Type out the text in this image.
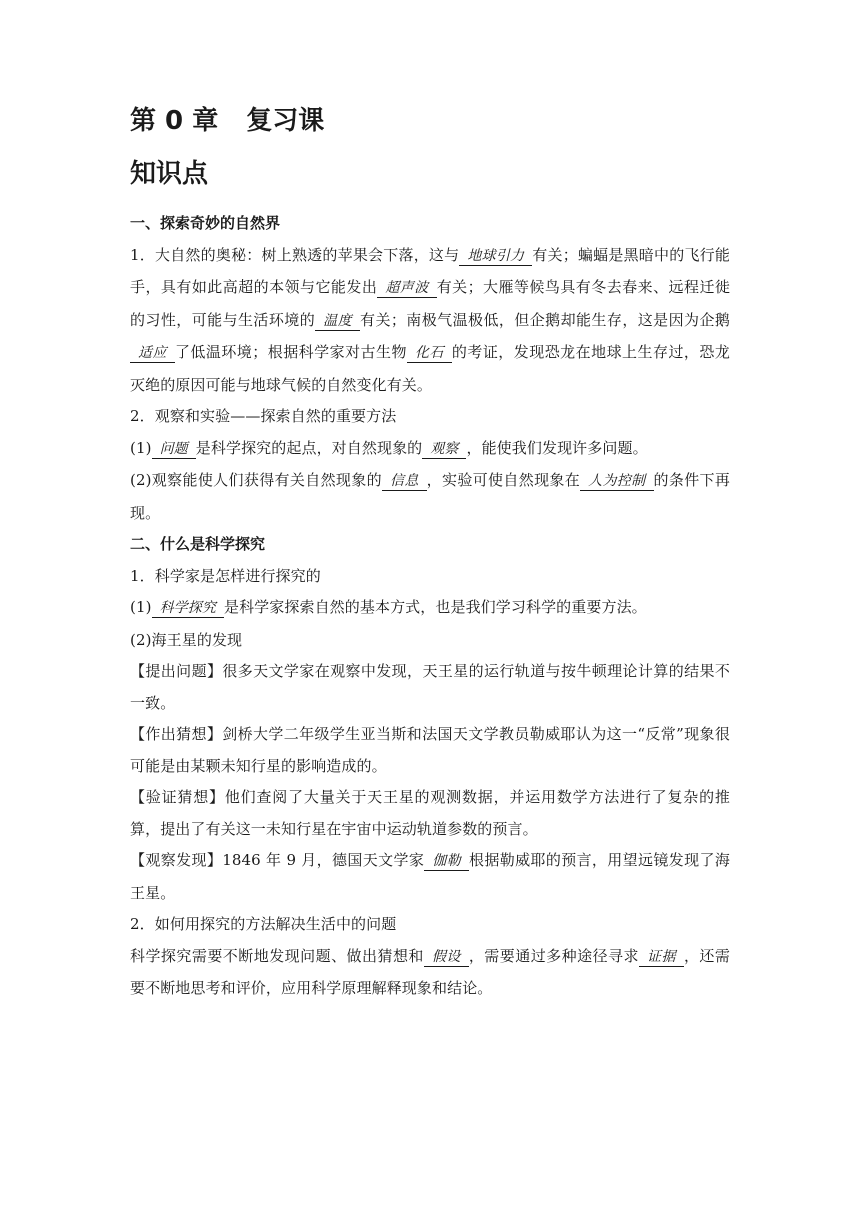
第 0 章 复习课
知识点
一、探索奇妙的自然界

1．大自然的奥秘：树上熟透的苹果会下落，这与 地球引力 有关；蝙蝠是黑暗中的飞行能手，具有如此高超的本领与它能发出 超声波 有关；大雁等候鸟具有冬去春来、远程迁徙的习性，可能与生活环境的 温度 有关；南极气温极低，但企鹅却能生存，这是因为企鹅适应 了低温环境；根据科学家对古生物 化石 的考证，发现恐龙在地球上生存过，恐龙灭绝的原因可能与地球气候的自然变化有关。

2．观察和实验——探索自然的重要方法

(1) 问题 是科学探究的起点，对自然现象的 观察 ，能使我们发现许多问题。

(2)观察能使人们获得有关自然现象的 信息 ，实验可使自然现象在 人为控制 的条件下再现。

二、什么是科学探究

1．科学家是怎样进行探究的

(1) 科学探究 是科学家探索自然的基本方式，也是我们学习科学的重要方法。

(2)海王星的发现

【提出问题】很多天文学家在观察中发现，天王星的运行轨道与按牛顿理论计算的结果不一致。

【作出猜想】剑桥大学二年级学生亚当斯和法国天文学教员勒威耶认为这一“反常”现象很可能是由某颗未知行星的影响造成的。

【验证猜想】他们查阅了大量关于天王星的观测数据，并运用数学方法进行了复杂的推算，提出了有关这一未知行星在宇宙中运动轨道参数的预言。

【观察发现】1846 年 9 月，德国天文学家 伽勒 根据勒威耶的预言，用望远镜发现了海王星。

2．如何用探究的方法解决生活中的问题

科学探究需要不断地发现问题、做出猜想和 假设 ，需要通过多种途径寻求 证据 ，还需要不断地思考和评价，应用科学原理解释现象和结论。
